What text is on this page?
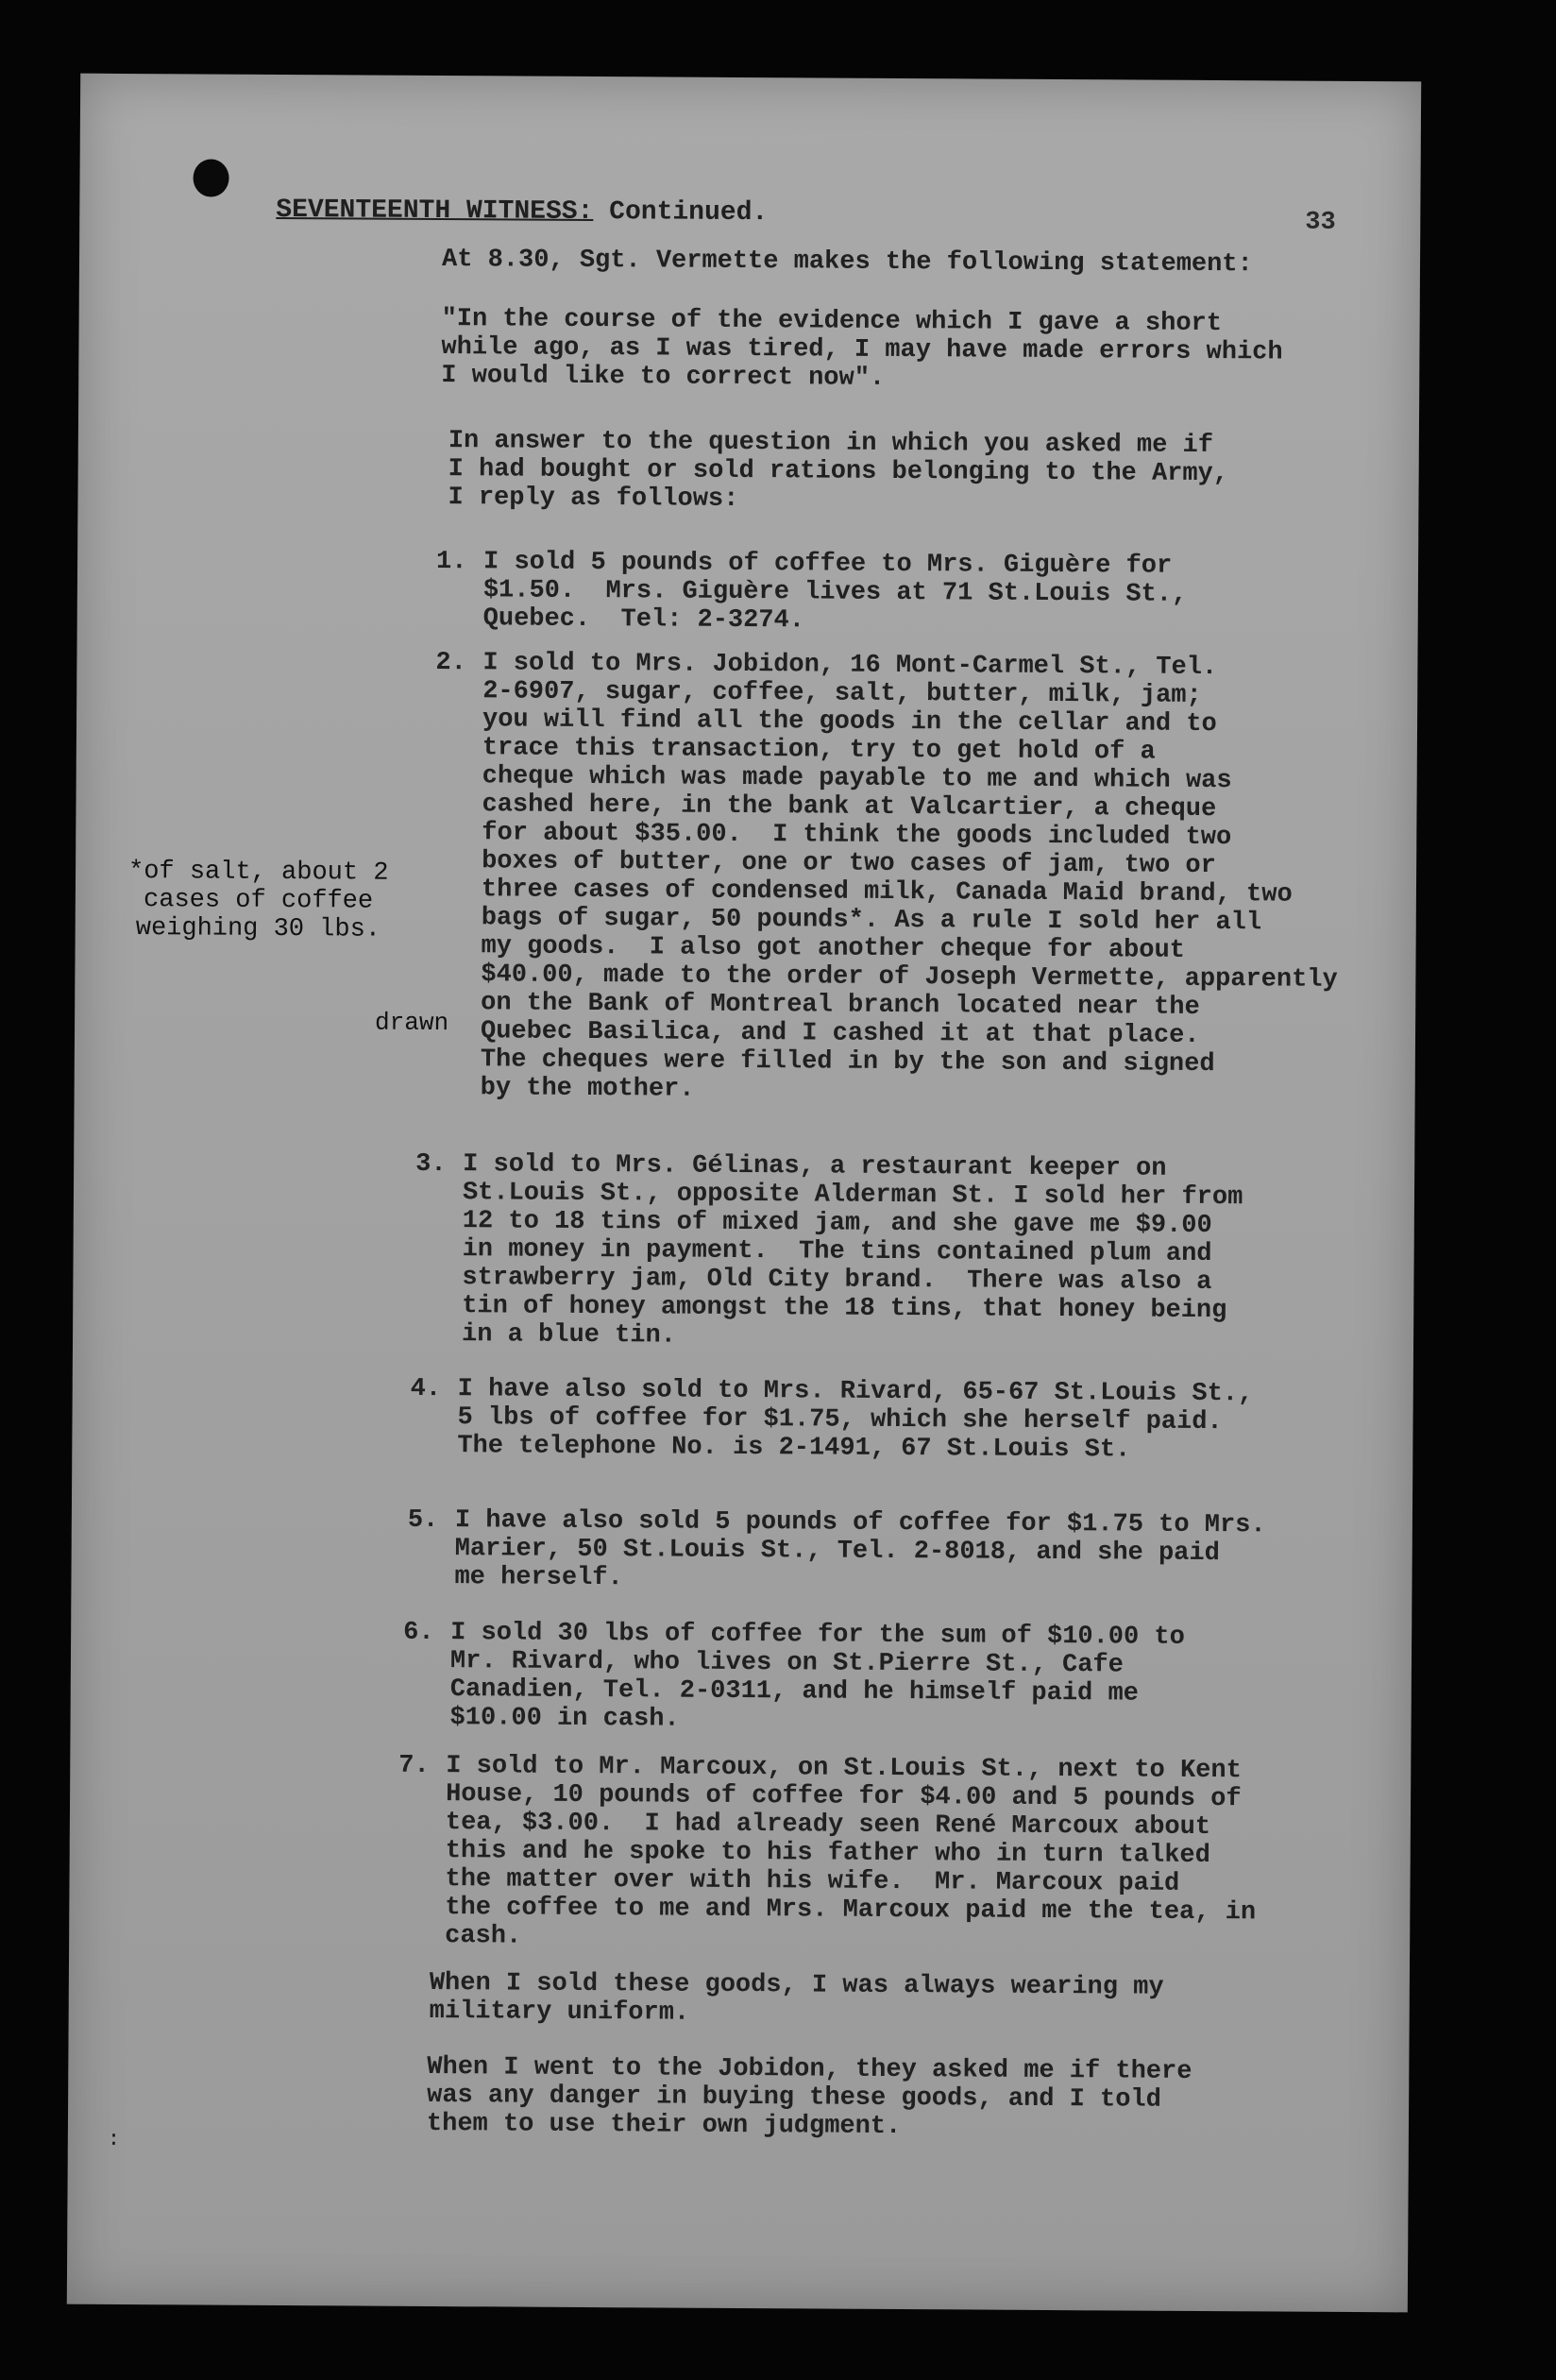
SEVENTEENTH WITNESS: Continued.	33
At 8.30, Sgt. Vermette makes the following statement:
"In the course of the evidence which I gave a short
while ago, as I was tired, I may have made errors which
I would like to correct now".
In answer to the question in which you asked me if
I had bought or sold rations belonging to the Army,
I reply as follows:
1. I sold 5 pounds of coffee to Mrs. Giguère for
$1.50.  Mrs. Giguère lives at 71 St.Louis St.,
Quebec.  Tel: 2-3274.
2. I sold to Mrs. Jobidon, 16 Mont-Carmel St., Tel.
2-6907, sugar, coffee, salt, butter, milk, jam;
you will find all the goods in the cellar and to
trace this transaction, try to get hold of a
cheque which was made payable to me and which was
cashed here, in the bank at Valcartier, a cheque
for about $35.00.  I think the goods included two
boxes of butter, one or two cases of jam, two or
three cases of condensed milk, Canada Maid brand, two
bags of sugar, 50 pounds*. As a rule I sold her all
my goods.  I also got another cheque for about
$40.00, made to the order of Joseph Vermette, apparently
on the Bank of Montreal branch located near the
Quebec Basilica, and I cashed it at that place.
The cheques were filled in by the son and signed
by the mother.
3. I sold to Mrs. Gélinas, a restaurant keeper on
St.Louis St., opposite Alderman St. I sold her from
12 to 18 tins of mixed jam, and she gave me $9.00
in money in payment.  The tins contained plum and
strawberry jam, Old City brand.  There was also a
tin of honey amongst the 18 tins, that honey being
in a blue tin.
4. I have also sold to Mrs. Rivard, 65-67 St.Louis St.,
5 lbs of coffee for $1.75, which she herself paid.
The telephone No. is 2-1491, 67 St.Louis St.
5. I have also sold 5 pounds of coffee for $1.75 to Mrs.
Marier, 50 St.Louis St., Tel. 2-8018, and she paid
me herself.
6. I sold 30 lbs of coffee for the sum of $10.00 to
Mr. Rivard, who lives on St.Pierre St., Cafe
Canadien, Tel. 2-0311, and he himself paid me
$10.00 in cash.
7. I sold to Mr. Marcoux, on St.Louis St., next to Kent
House, 10 pounds of coffee for $4.00 and 5 pounds of
tea, $3.00.  I had already seen René Marcoux about
this and he spoke to his father who in turn talked
the matter over with his wife.  Mr. Marcoux paid
the coffee to me and Mrs. Marcoux paid me the tea, in
cash.
When I sold these goods, I was always wearing my
military uniform.
When I went to the Jobidon, they asked me if there
was any danger in buying these goods, and I told
them to use their own judgment.
*of salt, about 2
cases of coffee
weighing 30 lbs.
drawn
:
